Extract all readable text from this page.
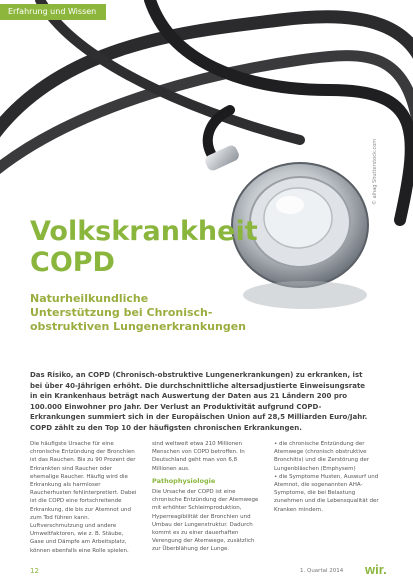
Erfahrung und Wissen
© alhag Shutterstock.com
Volkskrankheit
COPD
Naturheilkundliche
Unterstützung bei Chronisch-
obstruktiven Lungenerkrankungen
Das Risiko, an COPD (Chronisch-obstruktive Lungenerkrankungen) zu erkranken, ist bei über 40-Jährigen erhöht. Die durchschnittliche altersadjustierte Einweisungsrate in ein Krankenhaus beträgt nach Auswertung der Daten aus 21 Ländern 200 pro 100.000 Einwohner pro Jahr. Der Verlust an Produktivität aufgrund COPD-Erkrankungen summiert sich in der Europäischen Union auf 28,5 Milliarden Euro/Jahr. COPD zählt zu den Top 10 der häufigsten chronischen Erkrankungen.
Die häufigste Ursache für eine chronische Entzündung der Bronchien ist das Rauchen. Bis zu 90 Prozent der Erkrankten sind Raucher oder ehemalige Raucher. Häufig wird die Erkrankung als harmloser Raucherhusten fehlinterpretiert. Dabei ist die COPD eine fortschreitende Erkrankung, die bis zur Atemnot und zum Tod führen kann. Luftverschmutzung und andere Umweltfaktoren, wie z. B. Stäube, Gase und Dämpfe am Arbeitsplatz, können ebenfalls eine Rolle spielen.
sind weltweit etwa 210 Millionen Menschen von COPD betroffen. In Deutschland geht man von 6,8 Millionen aus.
Pathophysiologie
Die Ursache der COPD ist eine chronische Entzündung der Atemwege mit erhöhter Schleimproduktion, Hyperreagibilität der Bronchien und Umbau der Lungenstruktur. Dadurch kommt es zu einer dauerhaften Verengung der Atemwege, zusätzlich zur Überblähung der Lunge.
• die chronische Entzündung der Atemwege (chronisch obstruktive Bronchitis) und die Zerstörung der Lungenbläschen (Emphysem)
• die Symptome Husten, Auswurf und Atemnot, die sogenannten AHA-Symptome, die bei Belastung zunehmen und die Lebensqualität der Kranken mindern.
12	1. Quartal 2014 wir.
